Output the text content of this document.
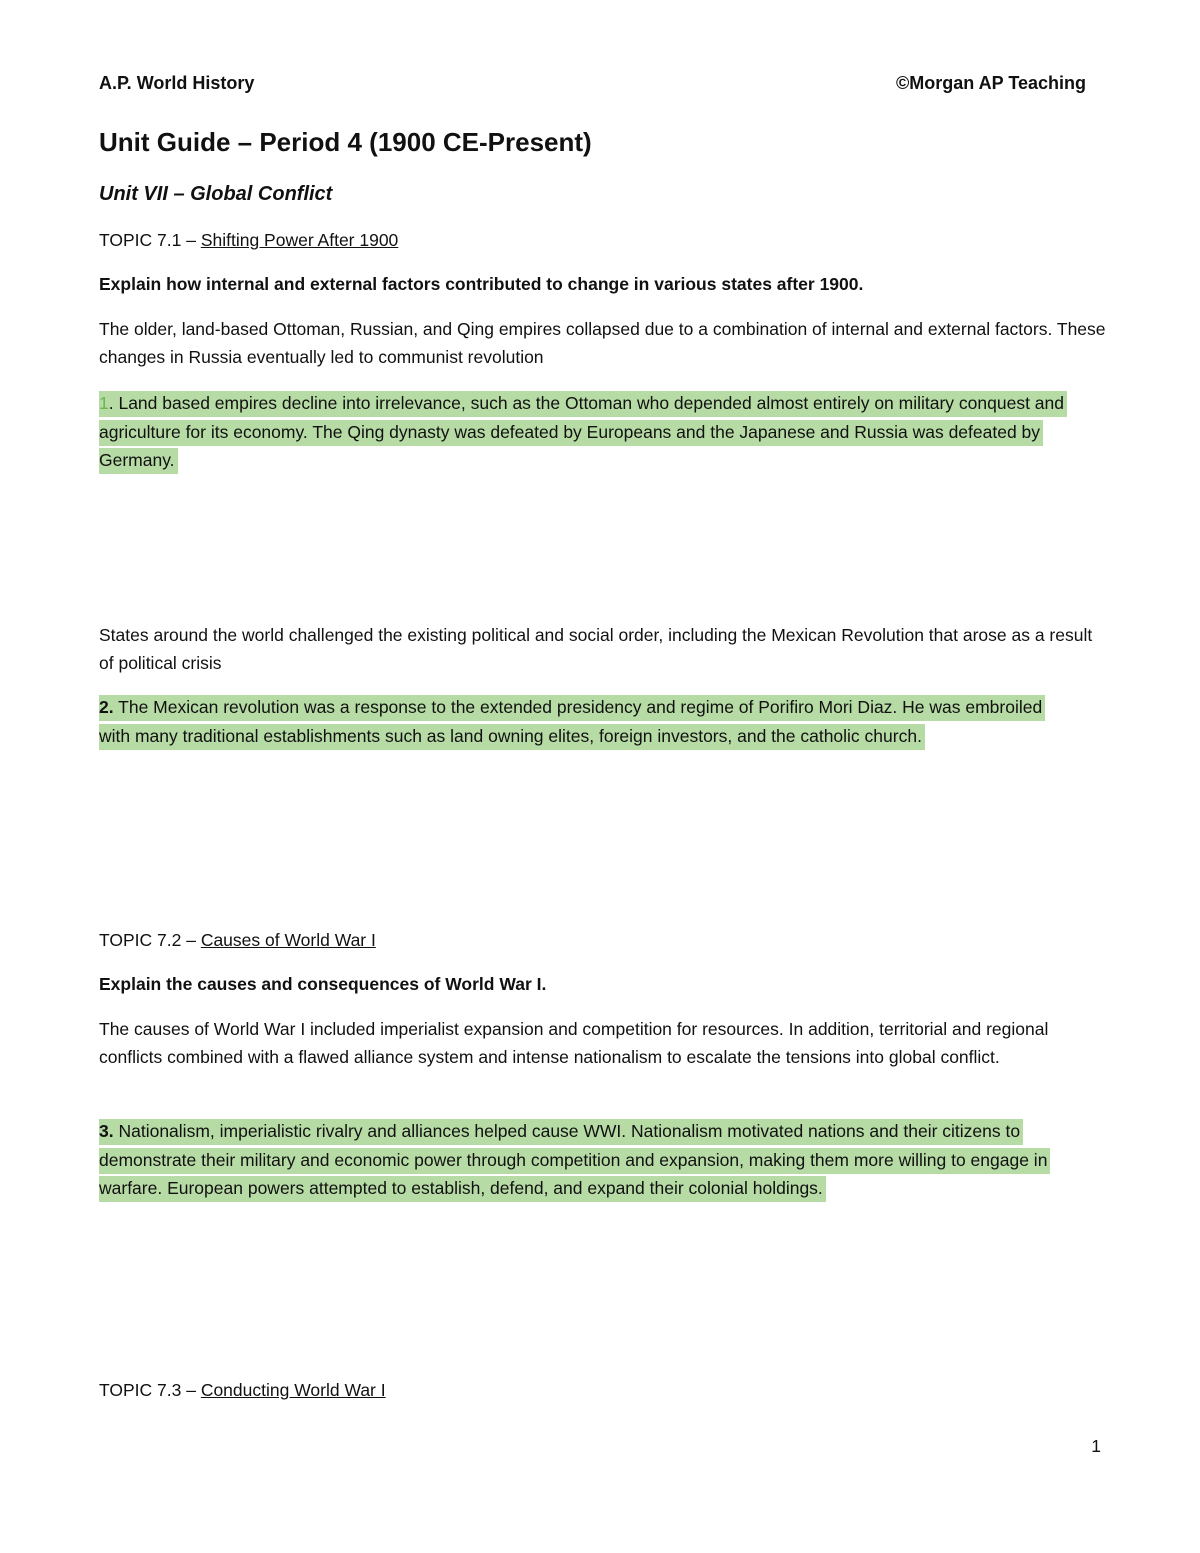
A.P. World History	©Morgan AP Teaching
Unit Guide – Period 4 (1900 CE-Present)
Unit VII – Global Conflict
TOPIC 7.1 – Shifting Power After 1900
Explain how internal and external factors contributed to change in various states after 1900.
The older, land-based Ottoman, Russian, and Qing empires collapsed due to a combination of internal and external factors. These changes in Russia eventually led to communist revolution
1. Land based empires decline into irrelevance, such as the Ottoman who depended almost entirely on military conquest and agriculture for its economy. The Qing dynasty was defeated by Europeans and the Japanese and Russia was defeated by Germany.
States around the world challenged the existing political and social order, including the Mexican Revolution that arose as a result of political crisis
2. The Mexican revolution was a response to the extended presidency and regime of Porifiro Mori Diaz. He was embroiled with many traditional establishments such as land owning elites, foreign investors, and the catholic church.
TOPIC 7.2 – Causes of World War I
Explain the causes and consequences of World War I.
The causes of World War I included imperialist expansion and competition for resources. In addition, territorial and regional conflicts combined with a flawed alliance system and intense nationalism to escalate the tensions into global conflict.
3. Nationalism, imperialistic rivalry and alliances helped cause WWI. Nationalism motivated nations and their citizens to demonstrate their military and economic power through competition and expansion, making them more willing to engage in warfare. European powers attempted to establish, defend, and expand their colonial holdings.
TOPIC 7.3 – Conducting World War I
1
